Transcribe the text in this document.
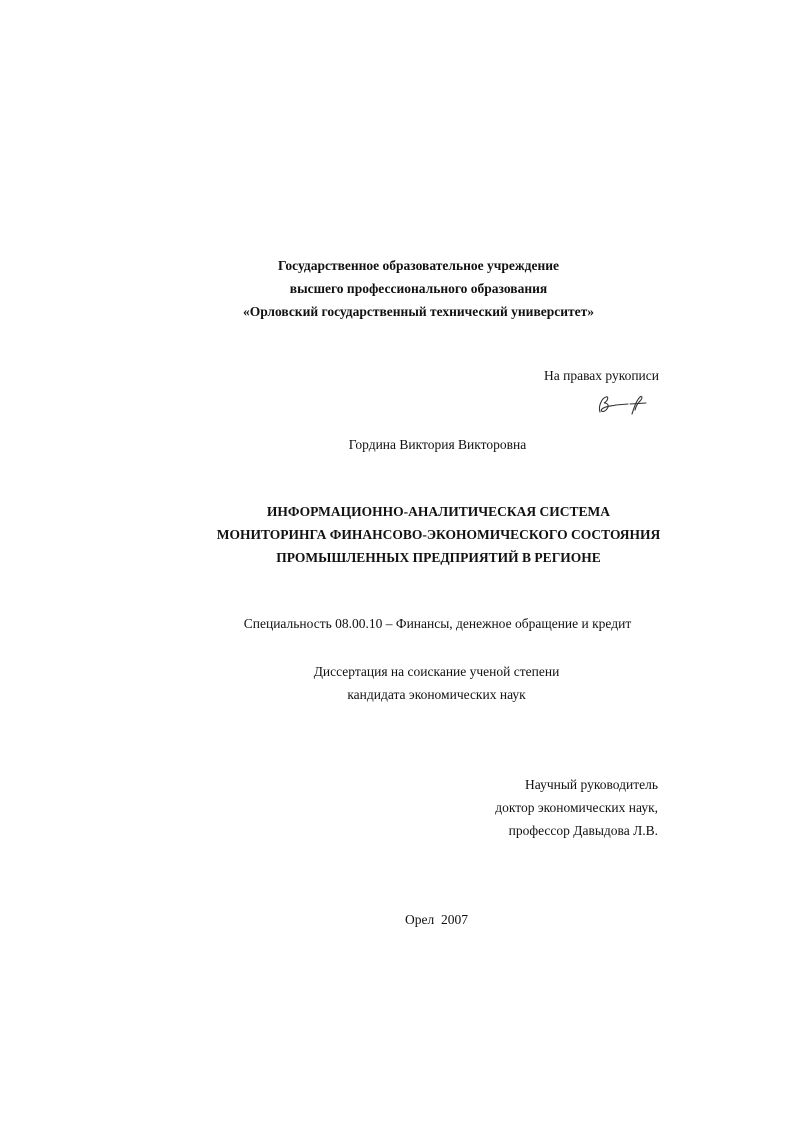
Государственное образовательное учреждение
высшего профессионального образования
«Орловский государственный технический университет»
На правах рукописи
Гордина Виктория Викторовна
ИНФОРМАЦИОННО-АНАЛИТИЧЕСКАЯ СИСТЕМА
МОНИТОРИНГА ФИНАНСОВО-ЭКОНОМИЧЕСКОГО СОСТОЯНИЯ
ПРОМЫШЛЕННЫХ ПРЕДПРИЯТИЙ В РЕГИОНЕ
Специальность 08.00.10 – Финансы, денежное обращение и кредит
Диссертация на соискание ученой степени
кандидата экономических наук
Научный руководитель
доктор экономических наук,
профессор Давыдова Л.В.
Орел  2007
